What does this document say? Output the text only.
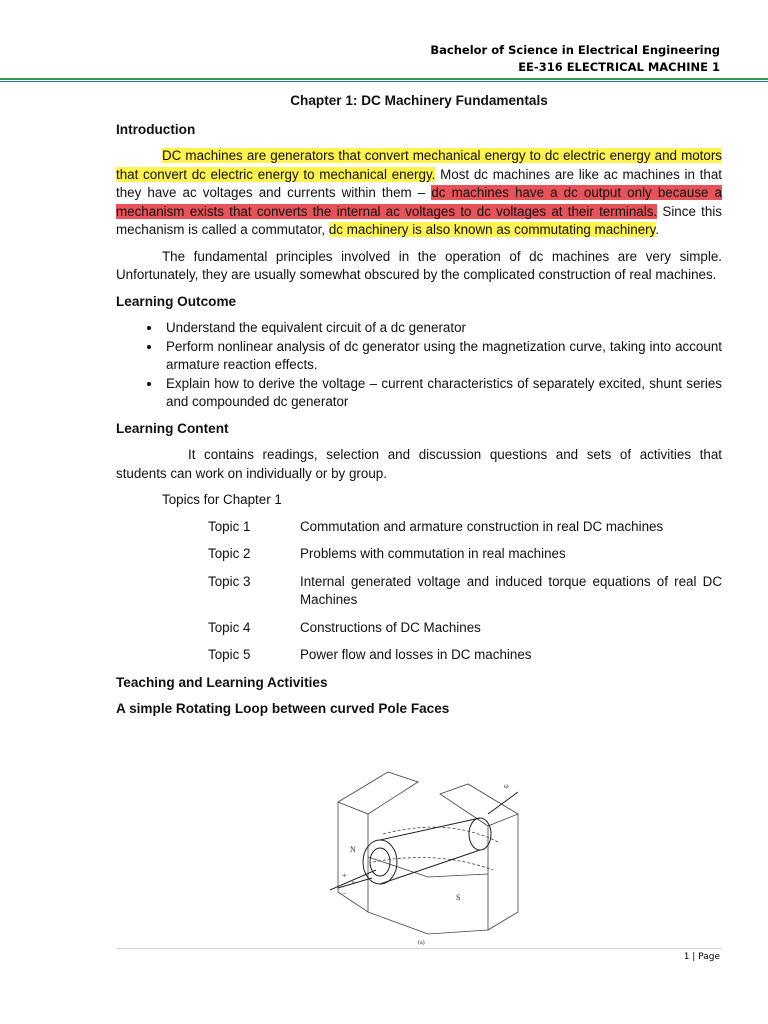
Bachelor of Science in Electrical Engineering
EE-316 ELECTRICAL MACHINE 1
Chapter 1: DC Machinery Fundamentals
Introduction

DC machines are generators that convert mechanical energy to dc electric energy and motors that convert dc electric energy to mechanical energy. Most dc machines are like ac machines in that they have ac voltages and currents within them – dc machines have a dc output only because a mechanism exists that converts the internal ac voltages to dc voltages at their terminals. Since this mechanism is called a commutator, dc machinery is also known as commutating machinery.

The fundamental principles involved in the operation of dc machines are very simple. Unfortunately, they are usually somewhat obscured by the complicated construction of real machines.

Learning Outcome
• Understand the equivalent circuit of a dc generator
• Perform nonlinear analysis of dc generator using the magnetization curve, taking into account armature reaction effects.
• Explain how to derive the voltage – current characteristics of separately excited, shunt series and compounded dc generator
Learning Content

It contains readings, selection and discussion questions and sets of activities that students can work on individually or by group.

Topics for Chapter 1
Topic 1	Commutation and armature construction in real DC machines
Topic 2	Problems with commutation in real machines
Topic 3	Internal generated voltage and induced torque equations of real DC Machines
Topic 4	Constructions of DC Machines
Topic 5	Power flow and losses in DC machines
Teaching and Learning Activities
A simple Rotating Loop between curved Pole Faces
N
S
+
−
e
ω
(a)
1 | Page
